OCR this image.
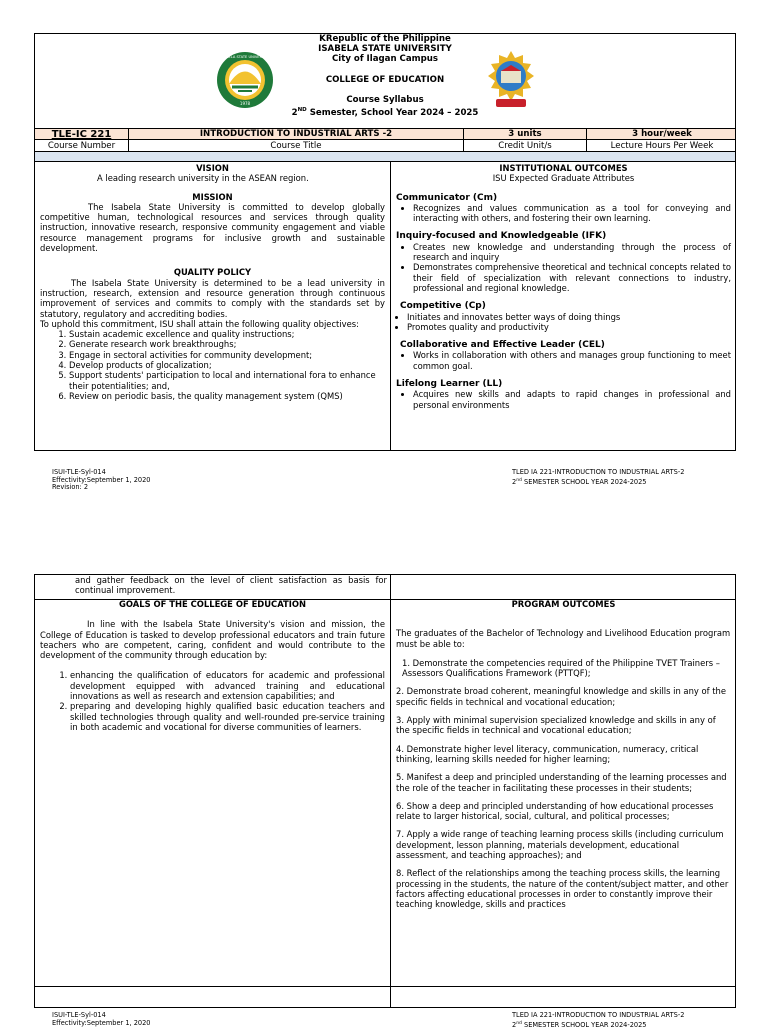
KRepublic of the Philippine
ISABELA STATE UNIVERSITY
City of Ilagan Campus
COLLEGE OF EDUCATION
Course Syllabus
2ND Semester, School Year 2024 – 2025
1978
ISABELA STATE UNIVERSITY
TLE-IC 221	INTRODUCTION TO INDUSTRIAL ARTS -2	3 units	3 hour/week
Course Number	Course Title	Credit Unit/s	Lecture Hours Per Week

VISION

A leading research university in the ASEAN region.

MISSION

The Isabela State University is committed to develop globally competitive human, technological resources and services through quality instruction, innovative research, responsive community engagement and viable resource management programs for inclusive growth and sustainable development.

QUALITY POLICY

The Isabela State University is determined to be a lead university in instruction, research, extension and resource generation through continuous improvement of services and commits to comply with the standards set by statutory, regulatory and accrediting bodies.

To uphold this commitment, ISU shall attain the following quality objectives:

1. Sustain academic excellence and quality instructions;
2. Generate research work breakthroughs;
3. Engage in sectoral activities for community development;
4. Develop products of glocalization;
5. Support students' participation to local and international fora to enhance their potentialities; and,
6. Review on periodic basis, the quality management system (QMS)

INSTITUTIONAL OUTCOMES

ISU Expected Graduate Attributes

Communicator (Cm)

• Recognizes and values communication as a tool for conveying and interacting with others, and fostering their own learning.

Inquiry-focused and Knowledgeable (IFK)

• Creates new knowledge and understanding through the process of research and inquiry
• Demonstrates comprehensive theoretical and technical concepts related to their field of specialization with relevant connections to industry, professional and regional knowledge.

Competitive (Cp)

• Initiates and innovates better ways of doing things
• Promotes quality and productivity

Collaborative and Effective Leader (CEL)

• Works in collaboration with others and manages group functioning to meet common goal.

Lifelong Learner (LL)

• Acquires new skills and adapts to rapid changes in professional and personal environments
ISUI-TLE-Syl-014
Effectivity:September 1, 2020
Revision: 2
TLED IA 221-INTRODUCTION TO INDUSTRIAL ARTS-2
2nd SEMESTER SCHOOL YEAR 2024-2025
and gather feedback on the level of client satisfaction as basis for continual improvement.

GOALS OF THE COLLEGE OF EDUCATION

In line with the Isabela State University's vision and mission, the College of Education is tasked to develop professional educators and train future teachers who are competent, caring, confident and would contribute to the development of the community through education by:

1. enhancing the qualification of educators for academic and professional development equipped with advanced training and educational innovations as well as research and extension capabilities; and
2. preparing and developing highly qualified basic education teachers and skilled technologies through quality and well-rounded pre-service training in both academic and vocational for diverse communities of learners.

PROGRAM OUTCOMES

The graduates of the Bachelor of Technology and Livelihood Education program must be able to:

1. Demonstrate the competencies required of the Philippine TVET Trainers – Assessors Qualifications Framework (PTTQF);

2. Demonstrate broad coherent, meaningful knowledge and skills in any of the specific fields in technical and vocational education;

3. Apply with minimal supervision specialized knowledge and skills in any of the specific fields in technical and vocational education;

4. Demonstrate higher level literacy, communication, numeracy, critical thinking, learning skills needed for higher learning;

5. Manifest a deep and principled understanding of the learning processes and the role of the teacher in facilitating these processes in their students;

6. Show a deep and principled understanding of how educational processes relate to larger historical, social, cultural, and political processes;

7. Apply a wide range of teaching learning process skills (including curriculum development, lesson planning, materials development, educational assessment, and teaching approaches); and

8. Reflect of the relationships among the teaching process skills, the learning processing in the students, the nature of the content/subject matter, and other factors affecting educational processes in order to constantly improve their teaching knowledge, skills and practices

ISUI-TLE-Syl-014
Effectivity:September 1, 2020
TLED IA 221-INTRODUCTION TO INDUSTRIAL ARTS-2
2nd SEMESTER SCHOOL YEAR 2024-2025
